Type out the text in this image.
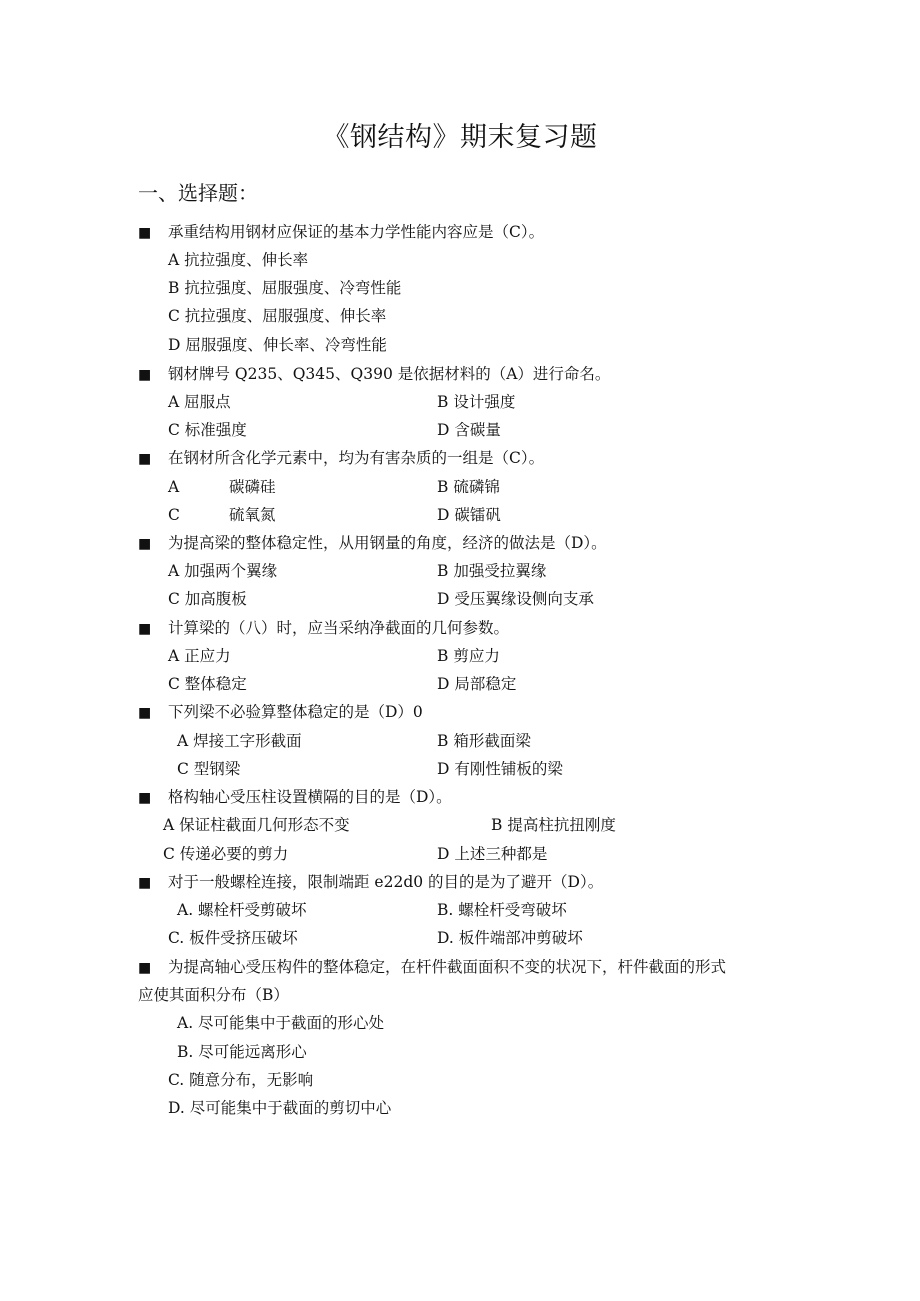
《钢结构》期末复习题
一、选择题：
■ 承重结构用钢材应保证的基本力学性能内容应是（C）。
A 抗拉强度、伸长率
B 抗拉强度、屈服强度、冷弯性能
C 抗拉强度、屈服强度、伸长率
D 屈服强度、伸长率、冷弯性能
■ 钢材牌号 Q235、Q345、Q390 是依据材料的（A）进行命名。
A 屈服点	B 设计强度
C 标准强度	D 含碳量
■ 在钢材所含化学元素中，均为有害杂质的一组是（C）。
A	碳磷硅	B 硫磷锦
C	硫氧氮	D 碳镭矾
■ 为提高梁的整体稳定性，从用钢量的角度，经济的做法是（D）。
A 加强两个翼缘	B 加强受拉翼缘
C 加高腹板	D 受压翼缘设侧向支承
■ 计算梁的（八）时，应当采纳净截面的几何参数。
A 正应力	B 剪应力
C 整体稳定	D 局部稳定
■ 下列梁不必验算整体稳定的是（D）0
A 焊接工字形截面	B 箱形截面梁
C 型钢梁	D 有刚性铺板的梁
■ 格构轴心受压柱设置横隔的目的是（D）。
A 保证柱截面几何形态不变	B 提高柱抗扭刚度
C 传递必要的剪力	D 上述三种都是
■ 对于一般螺栓连接，限制端距 e22d0 的目的是为了避开（D）。
A. 螺栓杆受剪破坏	B. 螺栓杆受弯破坏
C. 板件受挤压破坏	D. 板件端部冲剪破坏
■ 为提高轴心受压构件的整体稳定，在杆件截面面积不变的状况下，杆件截面的形式
应使其面积分布（B）
A. 尽可能集中于截面的形心处
B. 尽可能远离形心
C. 随意分布，无影响
D. 尽可能集中于截面的剪切中心
